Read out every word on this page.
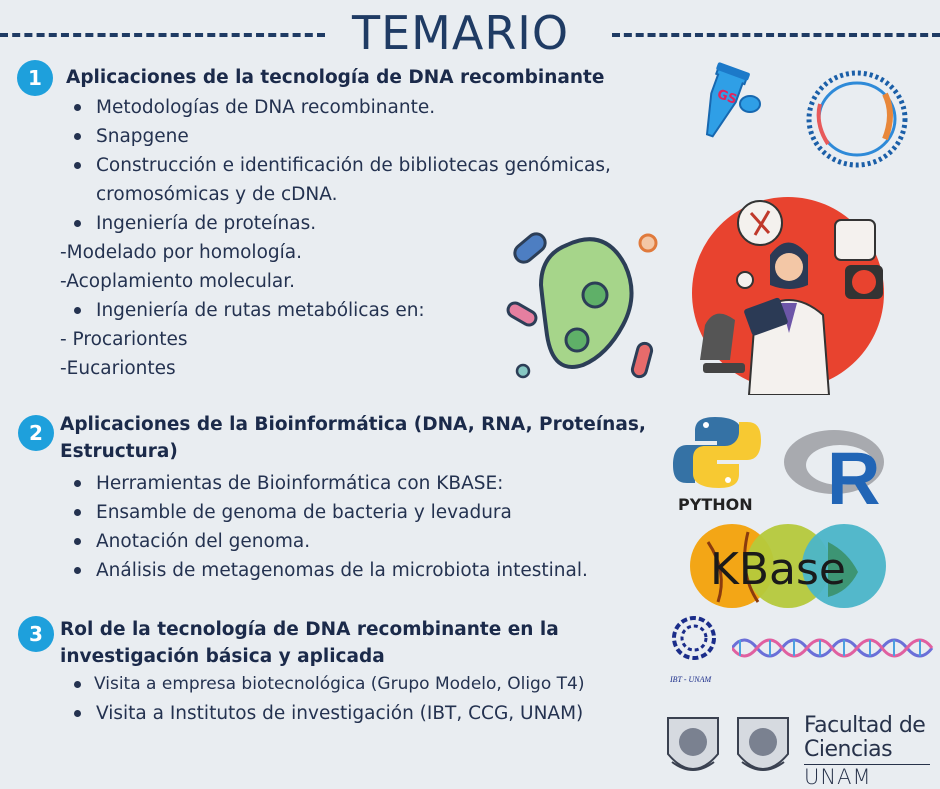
TEMARIO
1	Aplicaciones de la tecnología de DNA recombinante
Metodologías de DNA recombinante.
Snapgene
Construcción e identificación de bibliotecas genómicas,
cromosómicas y de cDNA.
Ingeniería de proteínas.
-Modelado por homología.
-Acoplamiento molecular.
Ingeniería de rutas metabólicas en:
- Procariontes
-Eucariontes
2 Aplicaciones de la Bioinformática (DNA, RNA, Proteínas,
Estructura)
Herramientas de Bioinformática con KBASE:
Ensamble de genoma de bacteria y levadura
Anotación del genoma.
Análisis de metagenomas de la microbiota intestinal.
3 Rol de la tecnología de DNA recombinante en la
investigación básica y aplicada
Visita a empresa biotecnológica (Grupo Modelo, Oligo T4)
Visita a Institutos de investigación (IBT, CCG, UNAM)
GS
PYTHON R
KBase
IBT - UNAM
Facultad de
Ciencias
UNAM
